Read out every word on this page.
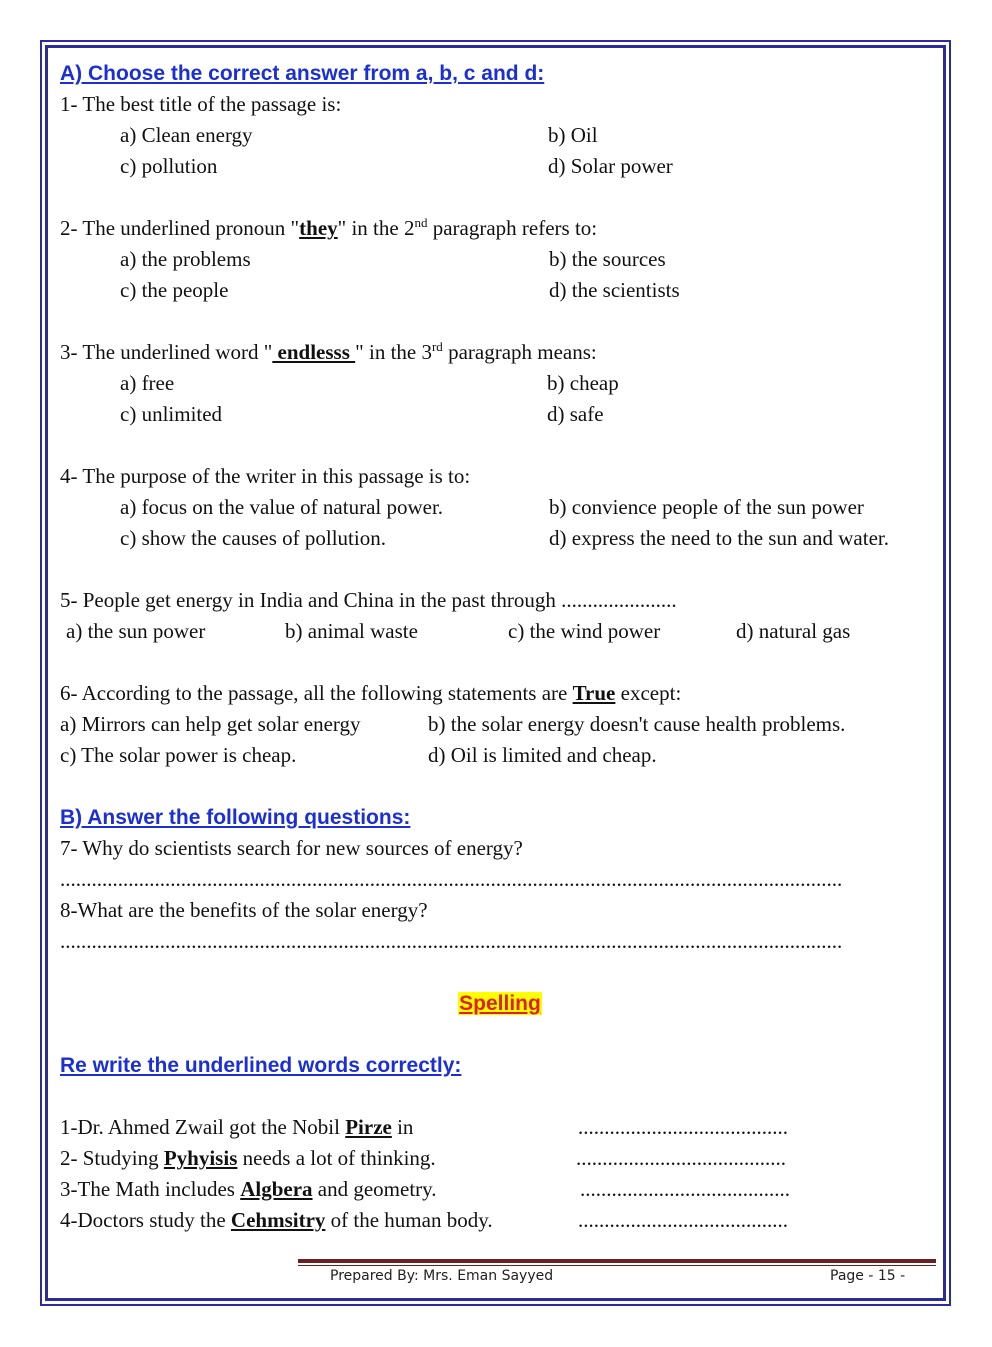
A) Choose the correct answer from a, b, c and d:
1- The best title of the passage is:
a) Clean energy	b) Oil
c) pollution	d) Solar power
2- The underlined pronoun "they" in the 2nd paragraph refers to:
a) the problems	b) the sources
c) the people	d) the scientists
3- The underlined word " endlesss " in the 3rd paragraph means:
a) free	b) cheap
c) unlimited	d) safe
4- The purpose of the writer in this passage is to:
a) focus on the value of natural power.	b) convience people of the sun power
c) show the causes of pollution.	d) express the need to the sun and water.
5- People get energy in India and China in the past through ......................
a) the sun power	b) animal waste	c) the wind power	d) natural gas
6- According to the passage, all the following statements are True except:
a) Mirrors can help get solar energy	b) the solar energy doesn't cause health problems.
c) The solar power is cheap.	d) Oil is limited and cheap.
B) Answer the following questions:
7- Why do scientists search for new sources of energy?
.....................................................................................................................................................
8-What are the benefits of the solar energy?
.....................................................................................................................................................
Spelling
Re write the underlined words correctly:
1-Dr. Ahmed Zwail got the Nobil Pirze in	........................................
2- Studying Pyhyisis needs a lot of thinking.	........................................
3-The Math includes Algbera and geometry.	........................................
4-Doctors study the Cehmsitry of the human body.	........................................
Prepared By: Mrs. Eman Sayyed	Page - 15 -
